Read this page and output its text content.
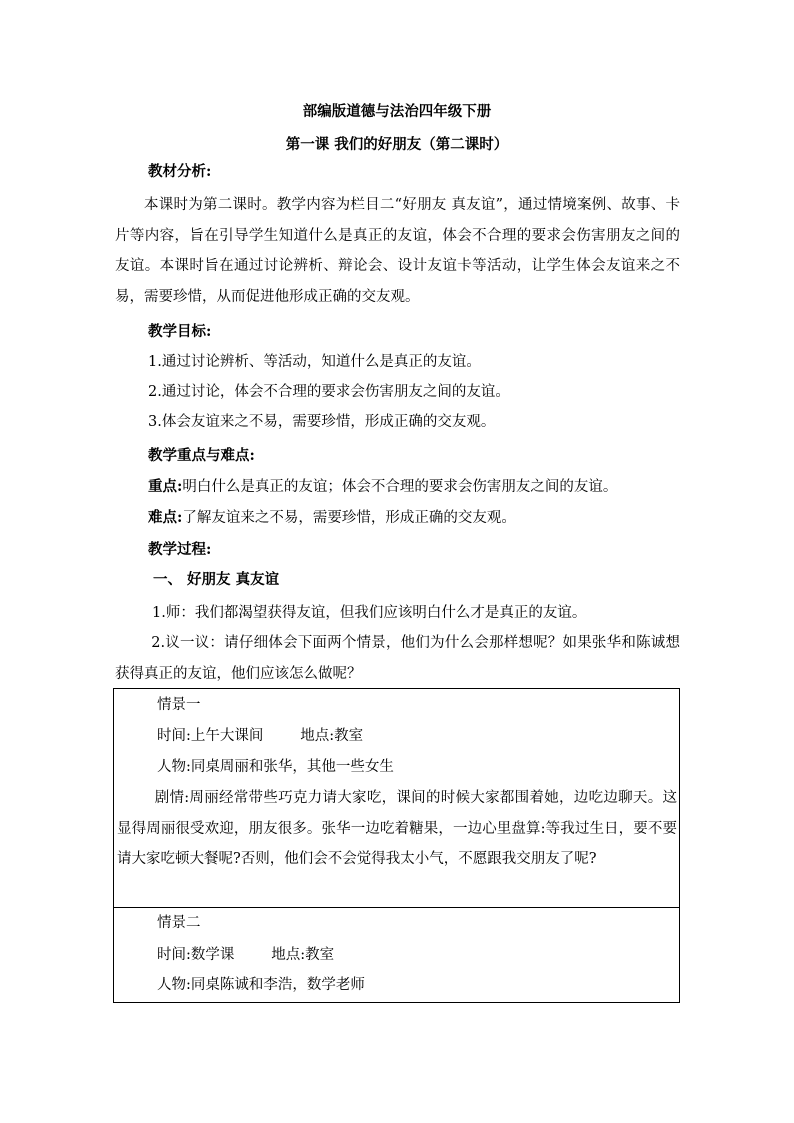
部编版道德与法治四年级下册
第一课 我们的好朋友（第二课时）
教材分析:
本课时为第二课时。教学内容为栏目二“好朋友 真友谊”，通过情境案例、故事、卡片等内容，旨在引导学生知道什么是真正的友谊，体会不合理的要求会伤害朋友之间的友谊。本课时旨在通过讨论辨析、辩论会、设计友谊卡等活动，让学生体会友谊来之不易，需要珍惜，从而促进他形成正确的交友观。
教学目标:
1.通过讨论辨析、等活动，知道什么是真正的友谊。
2.通过讨论，体会不合理的要求会伤害朋友之间的友谊。
3.体会友谊来之不易，需要珍惜，形成正确的交友观。
教学重点与难点:
重点:明白什么是真正的友谊；体会不合理的要求会伤害朋友之间的友谊。
难点:了解友谊来之不易，需要珍惜，形成正确的交友观。
教学过程:
一、 好朋友 真友谊
1.师：我们都渴望获得友谊，但我们应该明白什么才是真正的友谊。
2.议一议：请仔细体会下面两个情景，他们为什么会那样想呢？如果张华和陈诚想获得真正的友谊，他们应该怎么做呢？
情景一
时间:上午大课间        地点:教室
人物:同桌周丽和张华，其他一些女生
剧情:周丽经常带些巧克力请大家吃，课间的时候大家都围着她，边吃边聊天。这显得周丽很受欢迎，朋友很多。张华一边吃着糖果，一边心里盘算:等我过生日，要不要请大家吃顿大餐呢?否则，他们会不会觉得我太小气，不愿跟我交朋友了呢?
情景二
时间:数学课        地点:教室
人物:同桌陈诚和李浩，数学老师
